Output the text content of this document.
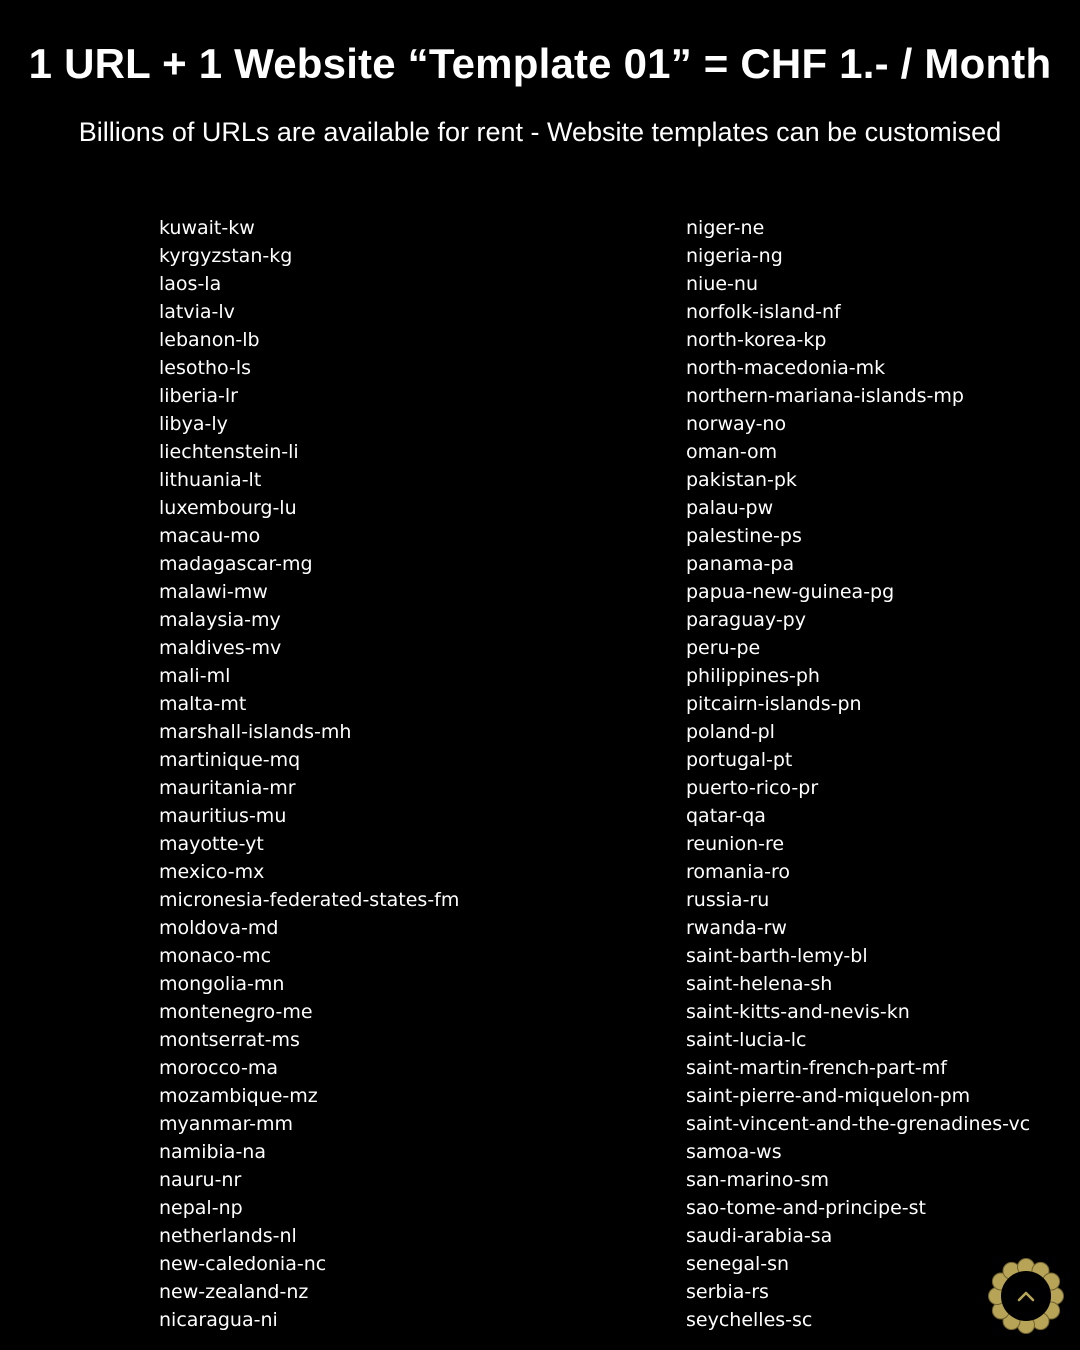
1 URL + 1 Website “Template 01” = CHF 1.- / Month
Billions of URLs are available for rent - Website templates can be customised
kuwait-kw
kyrgyzstan-kg
laos-la
latvia-lv
lebanon-lb
lesotho-ls
liberia-lr
libya-ly
liechtenstein-li
lithuania-lt
luxembourg-lu
macau-mo
madagascar-mg
malawi-mw
malaysia-my
maldives-mv
mali-ml
malta-mt
marshall-islands-mh
martinique-mq
mauritania-mr
mauritius-mu
mayotte-yt
mexico-mx
micronesia-federated-states-fm
moldova-md
monaco-mc
mongolia-mn
montenegro-me
montserrat-ms
morocco-ma
mozambique-mz
myanmar-mm
namibia-na
nauru-nr
nepal-np
netherlands-nl
new-caledonia-nc
new-zealand-nz
nicaragua-ni
niger-ne
nigeria-ng
niue-nu
norfolk-island-nf
north-korea-kp
north-macedonia-mk
northern-mariana-islands-mp
norway-no
oman-om
pakistan-pk
palau-pw
palestine-ps
panama-pa
papua-new-guinea-pg
paraguay-py
peru-pe
philippines-ph
pitcairn-islands-pn
poland-pl
portugal-pt
puerto-rico-pr
qatar-qa
reunion-re
romania-ro
russia-ru
rwanda-rw
saint-barth-lemy-bl
saint-helena-sh
saint-kitts-and-nevis-kn
saint-lucia-lc
saint-martin-french-part-mf
saint-pierre-and-miquelon-pm
saint-vincent-and-the-grenadines-vc
samoa-ws
san-marino-sm
sao-tome-and-principe-st
saudi-arabia-sa
senegal-sn
serbia-rs
seychelles-sc
